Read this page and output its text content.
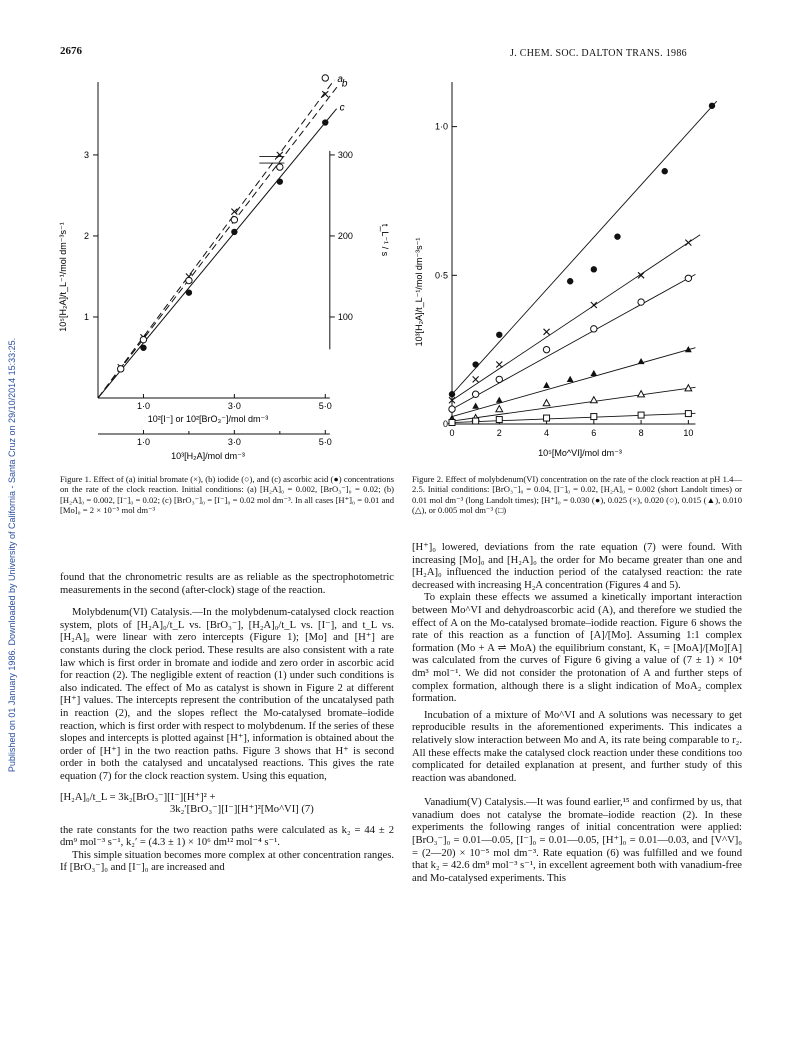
2676	J. CHEM. SOC. DALTON TRANS. 1986
Published on 01 January 1986. Downloaded by University of California - Santa Cruz on 29/10/2014 15:33:25.
1
2
3
100
200
300
1·0	3·0	5·0
1·0	3·0	5·0
a
b
c
10⁵[H₂A]/t_L⁻¹/mol dm⁻³s⁻¹	t_L⁻¹ / s
10²[I⁻] or 10²[BrO₃⁻]/mol dm⁻³
10³[H₂A]/mol dm⁻³
Figure 1. Effect of (a) initial bromate (×), (b) iodide (○), and (c) ascorbic acid (●) concentrations on the rate of the clock reaction. Initial conditions: (a) [H₂A]₀ = 0.002, [BrO₃⁻]₀ = 0.02; (b) [H₂A]₀ = 0.002, [I⁻]₀ = 0.02; (c) [BrO₃⁻]₀ = [I⁻]₀ = 0.02 mol dm⁻³. In all cases [H⁺]₀ = 0.01 and [Mo]₀ = 2 × 10⁻⁵ mol dm⁻³
0
0·5
1·0
0	2	4	6	8	10
10³[H₂A]/t_L⁻¹/mol dm⁻³s⁻¹
10⁵[Mo^VI]/mol dm⁻³
Figure 2. Effect of molybdenum(VI) concentration on the rate of the clock reaction at pH 1.4—2.5. Initial conditions: [BrO₃⁻]₀ = 0.04, [I⁻]₀ = 0.02, [H₂A]₀ = 0.002 (short Landolt times) or 0.01 mol dm⁻³ (long Landolt times); [H⁺]₀ = 0.030 (●), 0.025 (×), 0.020 (○), 0.015 (▲), 0.010 (△), or 0.005 mol dm⁻³ (□)

found that the chronometric results are as reliable as the spectrophotometric measurements in the second (after-clock) stage of the reaction.

Molybdenum(VI) Catalysis.—In the molybdenum-catalysed clock reaction system, plots of [H₂A]₀/t_L vs. [BrO₃⁻], [H₂A]₀/t_L vs. [I⁻], and t_L vs. [H₂A]₀ were linear with zero intercepts (Figure 1); [Mo] and [H⁺] are constants during the clock period. These results are also consistent with a rate law which is first order in bromate and iodide and zero order in ascorbic acid for reaction (2). The negligible extent of reaction (1) under such conditions is also indicated. The effect of Mo as catalyst is shown in Figure 2 at different [H⁺] values. The intercepts represent the contribution of the uncatalysed path in reaction (2), and the slopes reflect the Mo-catalysed bromate–iodide reaction, which is first order with respect to molybdenum. If the series of these slopes and intercepts is plotted against [H⁺], information is obtained about the order of [H⁺] in the two reaction paths. Figure 3 shows that H⁺ is second order in both the catalysed and uncatalysed reactions. This gives the rate equation (7) for the clock reaction system. Using this equation,

[H₂A]₀/t_L = 3k₂[BrO₃⁻][I⁻][H⁺]² +
3k₂′[BrO₃⁻][I⁻][H⁺]²[Mo^VI] (7)

the rate constants for the two reaction paths were calculated as k₂ = 44 ± 2 dm⁹ mol⁻³ s⁻¹, k₂′ = (4.3 ± 1) × 10⁶ dm¹² mol⁻⁴ s⁻¹.

This simple situation becomes more complex at other concentration ranges. If [BrO₃⁻]₀ and [I⁻]₀ are increased and

[H⁺]₀ lowered, deviations from the rate equation (7) were found. With increasing [Mo]₀ and [H₂A]₀ the order for Mo became greater than one and [H₂A]₀ influenced the induction period of the catalysed reaction: the rate decreased with increasing H₂A concentration (Figures 4 and 5).

To explain these effects we assumed a kinetically important interaction between Mo^VI and dehydroascorbic acid (A), and therefore we studied the effect of A on the Mo-catalysed bromate–iodide reaction. Figure 6 shows the rate of this reaction as a function of [A]/[Mo]. Assuming 1:1 complex formation (Mo + A ⇌ MoA) the equilibrium constant, K₁ = [MoA]/[Mo][A] was calculated from the curves of Figure 6 giving a value of (7 ± 1) × 10⁴ dm³ mol⁻¹. We did not consider the protonation of A and further steps of complex formation, although there is a slight indication of MoA₂ complex formation.

Incubation of a mixture of Mo^VI and A solutions was necessary to get reproducible results in the aforementioned experiments. This indicates a relatively slow interaction between Mo and A, its rate being comparable to r₂. All these effects make the catalysed clock reaction under these conditions too complicated for detailed explanation at present, and further study of this reaction was abandoned.

Vanadium(V) Catalysis.—It was found earlier,¹⁵ and confirmed by us, that vanadium does not catalyse the bromate–iodide reaction (2). In these experiments the following ranges of initial concentration were applied: [BrO₃⁻]₀ = 0.01—0.05, [I⁻]₀ = 0.01—0.05, [H⁺]₀ = 0.01—0.03, and [V^V]₀ = (2—20) × 10⁻⁵ mol dm⁻³. Rate equation (6) was fulfilled and we found that k₂ = 42.6 dm⁹ mol⁻³ s⁻¹, in excellent agreement both with vanadium-free and Mo-catalysed experiments. This
